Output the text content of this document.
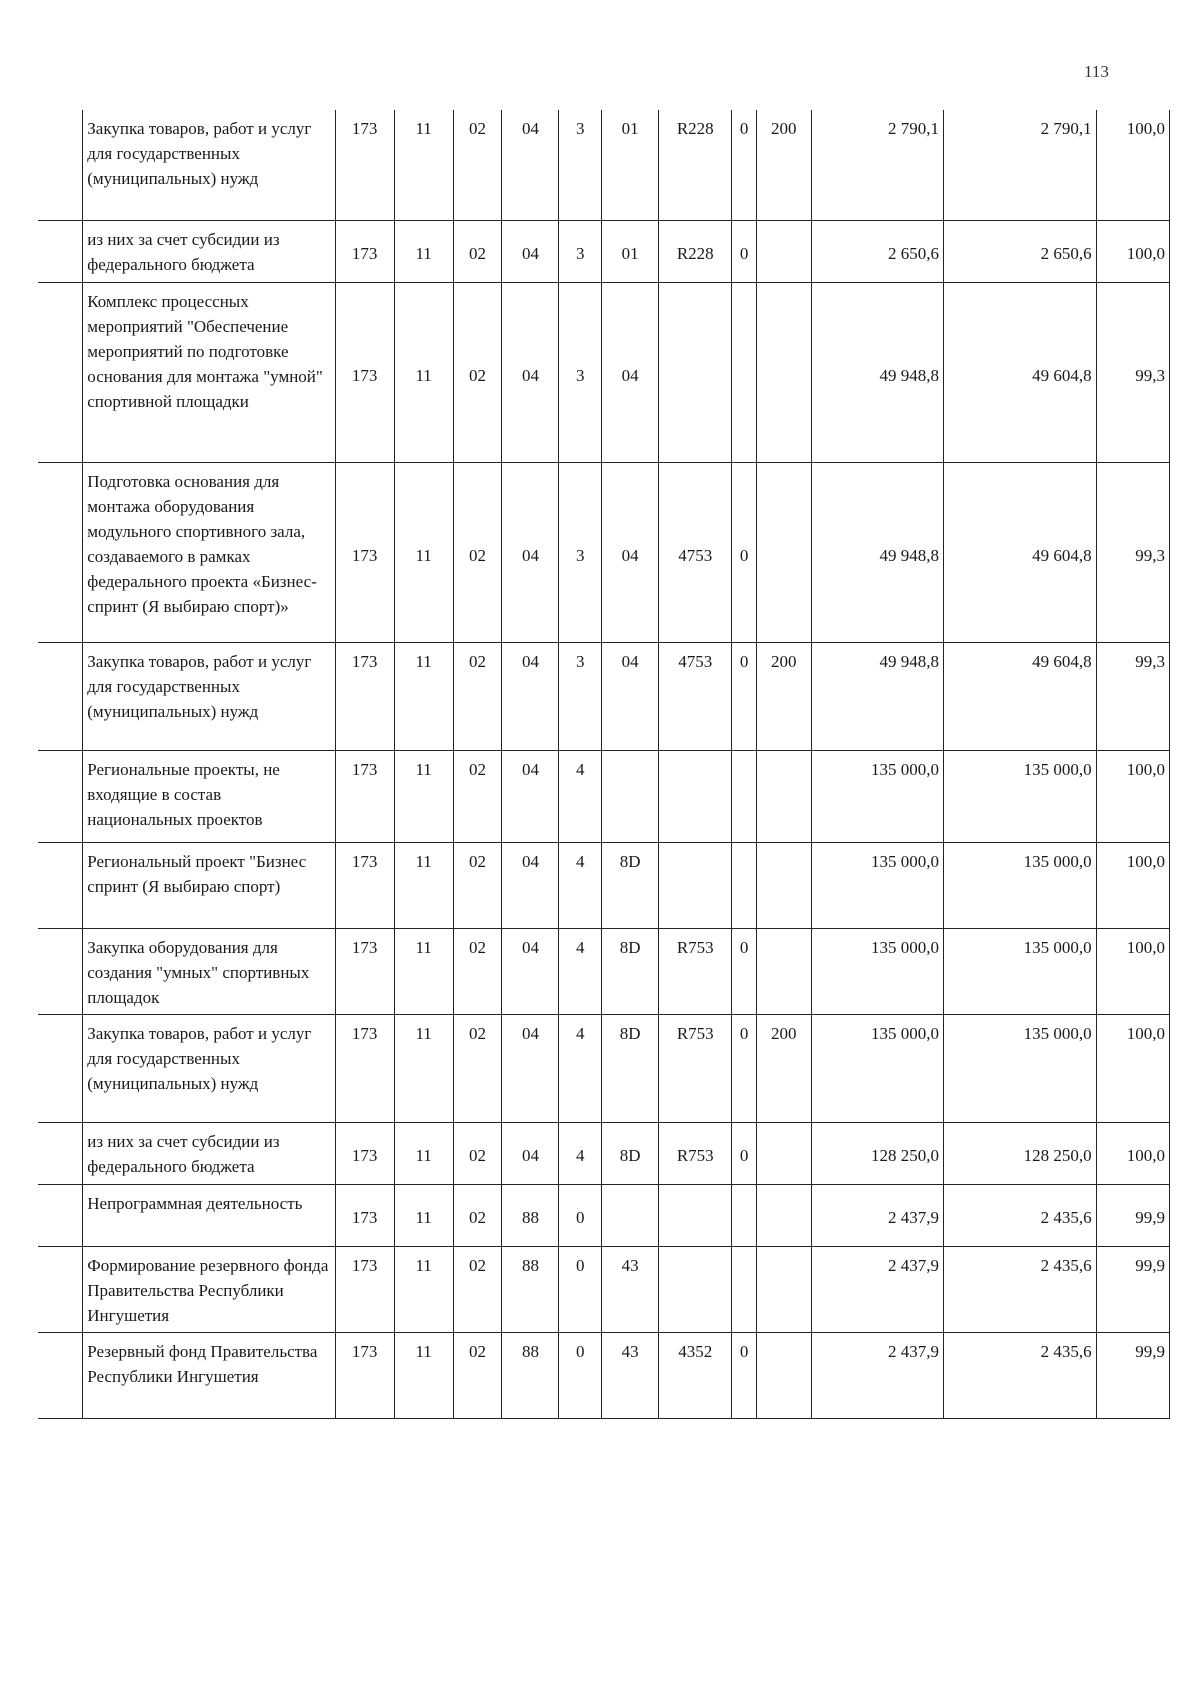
113
	Закупка товаров, работ и услуг для государственных (муниципальных) нужд	173	11	02	04	3	01	R228	0	200	2 790,1	2 790,1	100,0
	из них за счет субсидии из федерального бюджета	173	11	02	04	3	01	R228	0		2 650,6	2 650,6	100,0
	Комплекс процессных мероприятий "Обеспечение мероприятий по подготовке основания для монтажа "умной" спортивной площадки	173	11	02	04	3	04				49 948,8	49 604,8	99,3
	Подготовка основания для монтажа оборудования модульного спортивного зала, создаваемого в рамках федерального проекта «Бизнес-спринт (Я выбираю спорт)»	173	11	02	04	3	04	4753	0		49 948,8	49 604,8	99,3
	Закупка товаров, работ и услуг для государственных (муниципальных) нужд	173	11	02	04	3	04	4753	0	200	49 948,8	49 604,8	99,3
	Региональные проекты, не входящие в состав национальных проектов	173	11	02	04	4					135 000,0	135 000,0	100,0
	Региональный проект "Бизнес спринт (Я выбираю спорт)	173	11	02	04	4	8D				135 000,0	135 000,0	100,0
	Закупка оборудования для создания "умных" спортивных площадок	173	11	02	04	4	8D	R753	0		135 000,0	135 000,0	100,0
	Закупка товаров, работ и услуг для государственных (муниципальных) нужд	173	11	02	04	4	8D	R753	0	200	135 000,0	135 000,0	100,0
	из них за счет субсидии из федерального бюджета	173	11	02	04	4	8D	R753	0		128 250,0	128 250,0	100,0
	Непрограммная деятельность	173	11	02	88	0					2 437,9	2 435,6	99,9
	Формирование резервного фонда Правительства Республики Ингушетия	173	11	02	88	0	43				2 437,9	2 435,6	99,9
	Резервный фонд Правительства Республики Ингушетия	173	11	02	88	0	43	4352	0		2 437,9	2 435,6	99,9
